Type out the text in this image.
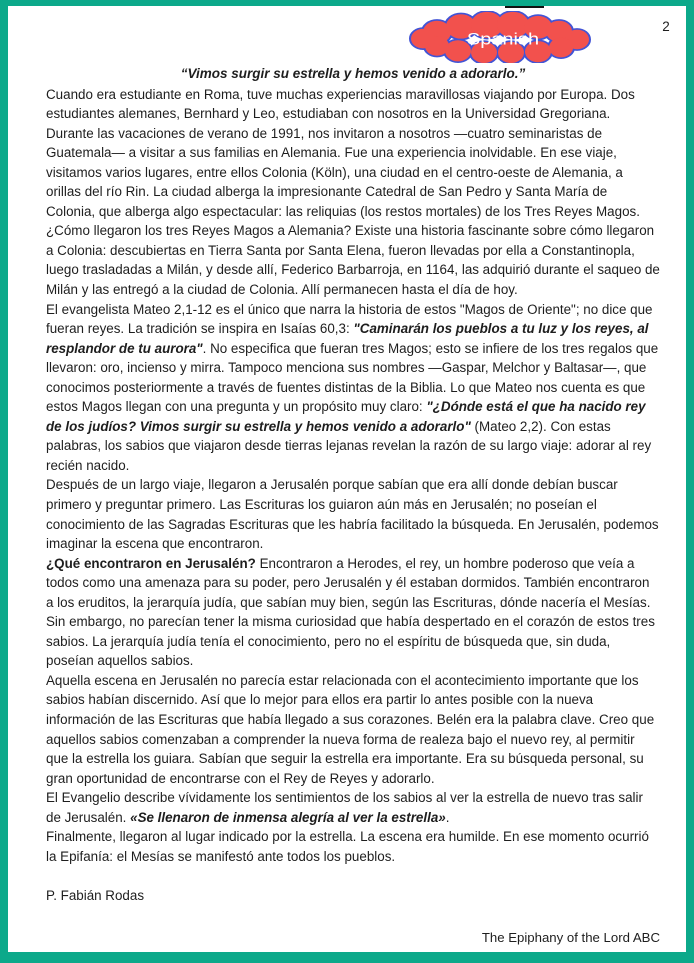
Spanish
2

“Vimos surgir su estrella y hemos venido a adorarlo.”

Cuando era estudiante en Roma, tuve muchas experiencias maravillosas viajando por Europa. Dos estudiantes alemanes, Bernhard y Leo, estudiaban con nosotros en la Universidad Gregoriana. Durante las vacaciones de verano de 1991, nos invitaron a nosotros —cuatro seminaristas de Guatemala— a visitar a sus familias en Alemania. Fue una experiencia inolvidable. En ese viaje, visitamos varios lugares, entre ellos Colonia (Köln), una ciudad en el centro-oeste de Alemania, a orillas del río Rin. La ciudad alberga la impresionante Catedral de San Pedro y Santa María de Colonia, que alberga algo espectacular: las reliquias (los restos mortales) de los Tres Reyes Magos. ¿Cómo llegaron los tres Reyes Magos a Alemania? Existe una historia fascinante sobre cómo llegaron a Colonia: descubiertas en Tierra Santa por Santa Elena, fueron llevadas por ella a Constantinopla, luego trasladadas a Milán, y desde allí, Federico Barbarroja, en 1164, las adquirió durante el saqueo de Milán y las entregó a la ciudad de Colonia. Allí permanecen hasta el día de hoy.

El evangelista Mateo 2,1-12 es el único que narra la historia de estos "Magos de Oriente"; no dice que fueran reyes. La tradición se inspira en Isaías 60,3: "Caminarán los pueblos a tu luz y los reyes, al resplandor de tu aurora". No especifica que fueran tres Magos; esto se infiere de los tres regalos que llevaron: oro, incienso y mirra. Tampoco menciona sus nombres —Gaspar, Melchor y Baltasar—, que conocimos posteriormente a través de fuentes distintas de la Biblia. Lo que Mateo nos cuenta es que estos Magos llegan con una pregunta y un propósito muy claro: "¿Dónde está el que ha nacido rey de los judíos? Vimos surgir su estrella y hemos venido a adorarlo" (Mateo 2,2). Con estas palabras, los sabios que viajaron desde tierras lejanas revelan la razón de su largo viaje: adorar al rey recién nacido.

Después de un largo viaje, llegaron a Jerusalén porque sabían que era allí donde debían buscar primero y preguntar primero. Las Escrituras los guiaron aún más en Jerusalén; no poseían el conocimiento de las Sagradas Escrituras que les habría facilitado la búsqueda. En Jerusalén, podemos imaginar la escena que encontraron.

¿Qué encontraron en Jerusalén? Encontraron a Herodes, el rey, un hombre poderoso que veía a todos como una amenaza para su poder, pero Jerusalén y él estaban dormidos. También encontraron a los eruditos, la jerarquía judía, que sabían muy bien, según las Escrituras, dónde nacería el Mesías. Sin embargo, no parecían tener la misma curiosidad que había despertado en el corazón de estos tres sabios. La jerarquía judía tenía el conocimiento, pero no el espíritu de búsqueda que, sin duda, poseían aquellos sabios.

Aquella escena en Jerusalén no parecía estar relacionada con el acontecimiento importante que los sabios habían discernido. Así que lo mejor para ellos era partir lo antes posible con la nueva información de las Escrituras que había llegado a sus corazones. Belén era la palabra clave. Creo que aquellos sabios comenzaban a comprender la nueva forma de realeza bajo el nuevo rey, al permitir que la estrella los guiara. Sabían que seguir la estrella era importante. Era su búsqueda personal, su gran oportunidad de encontrarse con el Rey de Reyes y adorarlo.

El Evangelio describe vívidamente los sentimientos de los sabios al ver la estrella de nuevo tras salir de Jerusalén. «Se llenaron de inmensa alegría al ver la estrella».

Finalmente, llegaron al lugar indicado por la estrella. La escena era humilde. En ese momento ocurrió la Epifanía: el Mesías se manifestó ante todos los pueblos.

P. Fabián Rodas

The Epiphany of the Lord ABC
